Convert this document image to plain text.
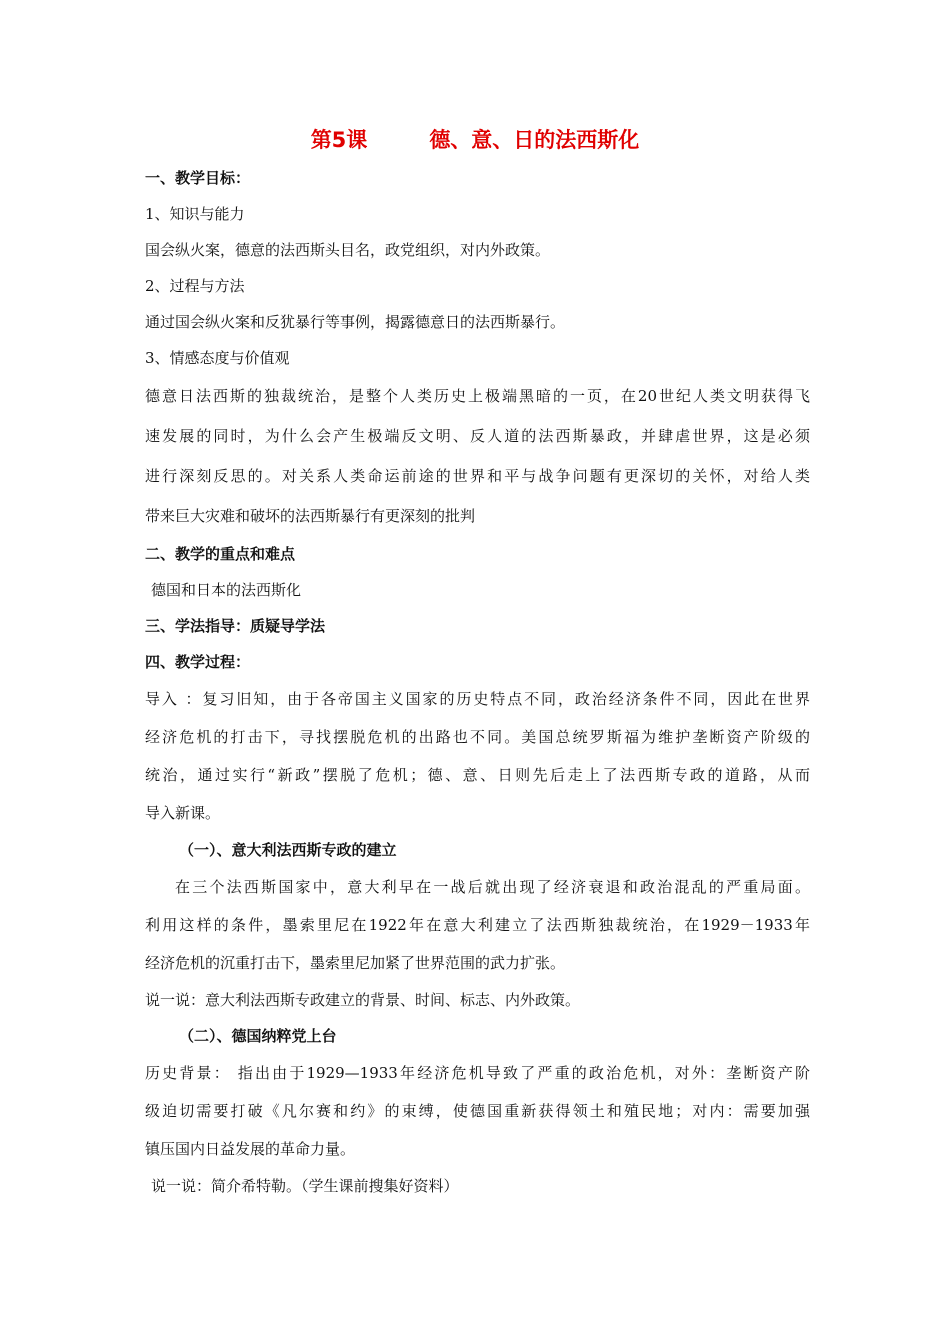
第5课	德、意、日的法西斯化
一、教学目标：
1、知识与能力
国会纵火案，德意的法西斯头目名，政党组织，对内外政策。
2、过程与方法
通过国会纵火案和反犹暴行等事例，揭露德意日的法西斯暴行。
3、情感态度与价值观
德意日法西斯的独裁统治，是整个人类历史上极端黑暗的一页，在20世纪人类文明获得飞
速发展的同时，为什么会产生极端反文明、反人道的法西斯暴政，并肆虐世界，这是必须
进行深刻反思的。对关系人类命运前途的世界和平与战争问题有更深切的关怀，对给人类
带来巨大灾难和破坏的法西斯暴行有更深刻的批判
二、教学的重点和难点
德国和日本的法西斯化
三、学法指导：质疑导学法
四、教学过程：
导入 ：复习旧知，由于各帝国主义国家的历史特点不同，政治经济条件不同，因此在世界
经济危机的打击下，寻找摆脱危机的出路也不同。美国总统罗斯福为维护垄断资产阶级的
统治，通过实行“新政”摆脱了危机；德、意、日则先后走上了法西斯专政的道路，从而
导入新课。
（一）、意大利法西斯专政的建立
在三个法西斯国家中，意大利早在一战后就出现了经济衰退和政治混乱的严重局面。
利用这样的条件，墨索里尼在1922年在意大利建立了法西斯独裁统治，在1929－1933年
经济危机的沉重打击下，墨索里尼加紧了世界范围的武力扩张。
说一说：意大利法西斯专政建立的背景、时间、标志、内外政策。
（二）、德国纳粹党上台
历史背景： 指出由于1929—1933年经济危机导致了严重的政治危机，对外：垄断资产阶
级迫切需要打破《凡尔赛和约》的束缚，使德国重新获得领土和殖民地；对内：需要加强
镇压国内日益发展的革命力量。
说一说：简介希特勒。（学生课前搜集好资料）
